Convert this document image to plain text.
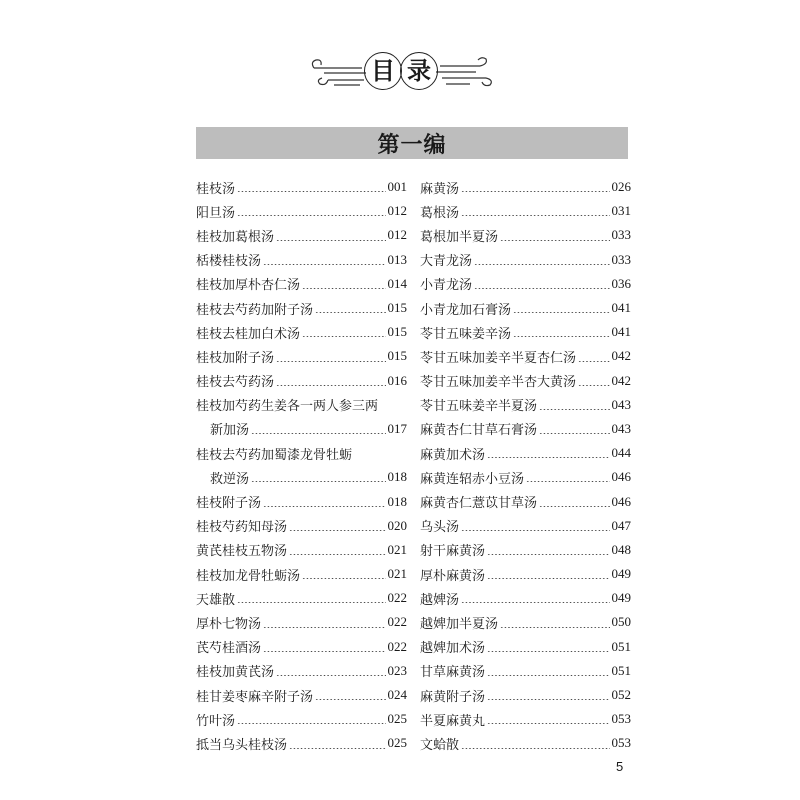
目 录
第一编
桂枝汤	001
阳旦汤	012
桂枝加葛根汤	012
栝楼桂枝汤	013
桂枝加厚朴杏仁汤	014
桂枝去芍药加附子汤	015
桂枝去桂加白术汤	015
桂枝加附子汤	015
桂枝去芍药汤	016
桂枝加芍药生姜各一两人参三两
新加汤	017
桂枝去芍药加蜀漆龙骨牡蛎
救逆汤	018
桂枝附子汤	018
桂枝芍药知母汤	020
黄芪桂枝五物汤	021
桂枝加龙骨牡蛎汤	021
天雄散	022
厚朴七物汤	022
芪芍桂酒汤	022
桂枝加黄芪汤	023
桂甘姜枣麻辛附子汤	024
竹叶汤	025
抵当乌头桂枝汤	025
麻黄汤	026
葛根汤	031
葛根加半夏汤	033
大青龙汤	033
小青龙汤	036
小青龙加石膏汤	041
苓甘五味姜辛汤	041
苓甘五味加姜辛半夏杏仁汤	042
苓甘五味加姜辛半杏大黄汤	042
苓甘五味姜辛半夏汤	043
麻黄杏仁甘草石膏汤	043
麻黄加术汤	044
麻黄连轺赤小豆汤	046
麻黄杏仁薏苡甘草汤	046
乌头汤	047
射干麻黄汤	048
厚朴麻黄汤	049
越婢汤	049
越婢加半夏汤	050
越婢加术汤	051
甘草麻黄汤	051
麻黄附子汤	052
半夏麻黄丸	053
文蛤散	053
5
